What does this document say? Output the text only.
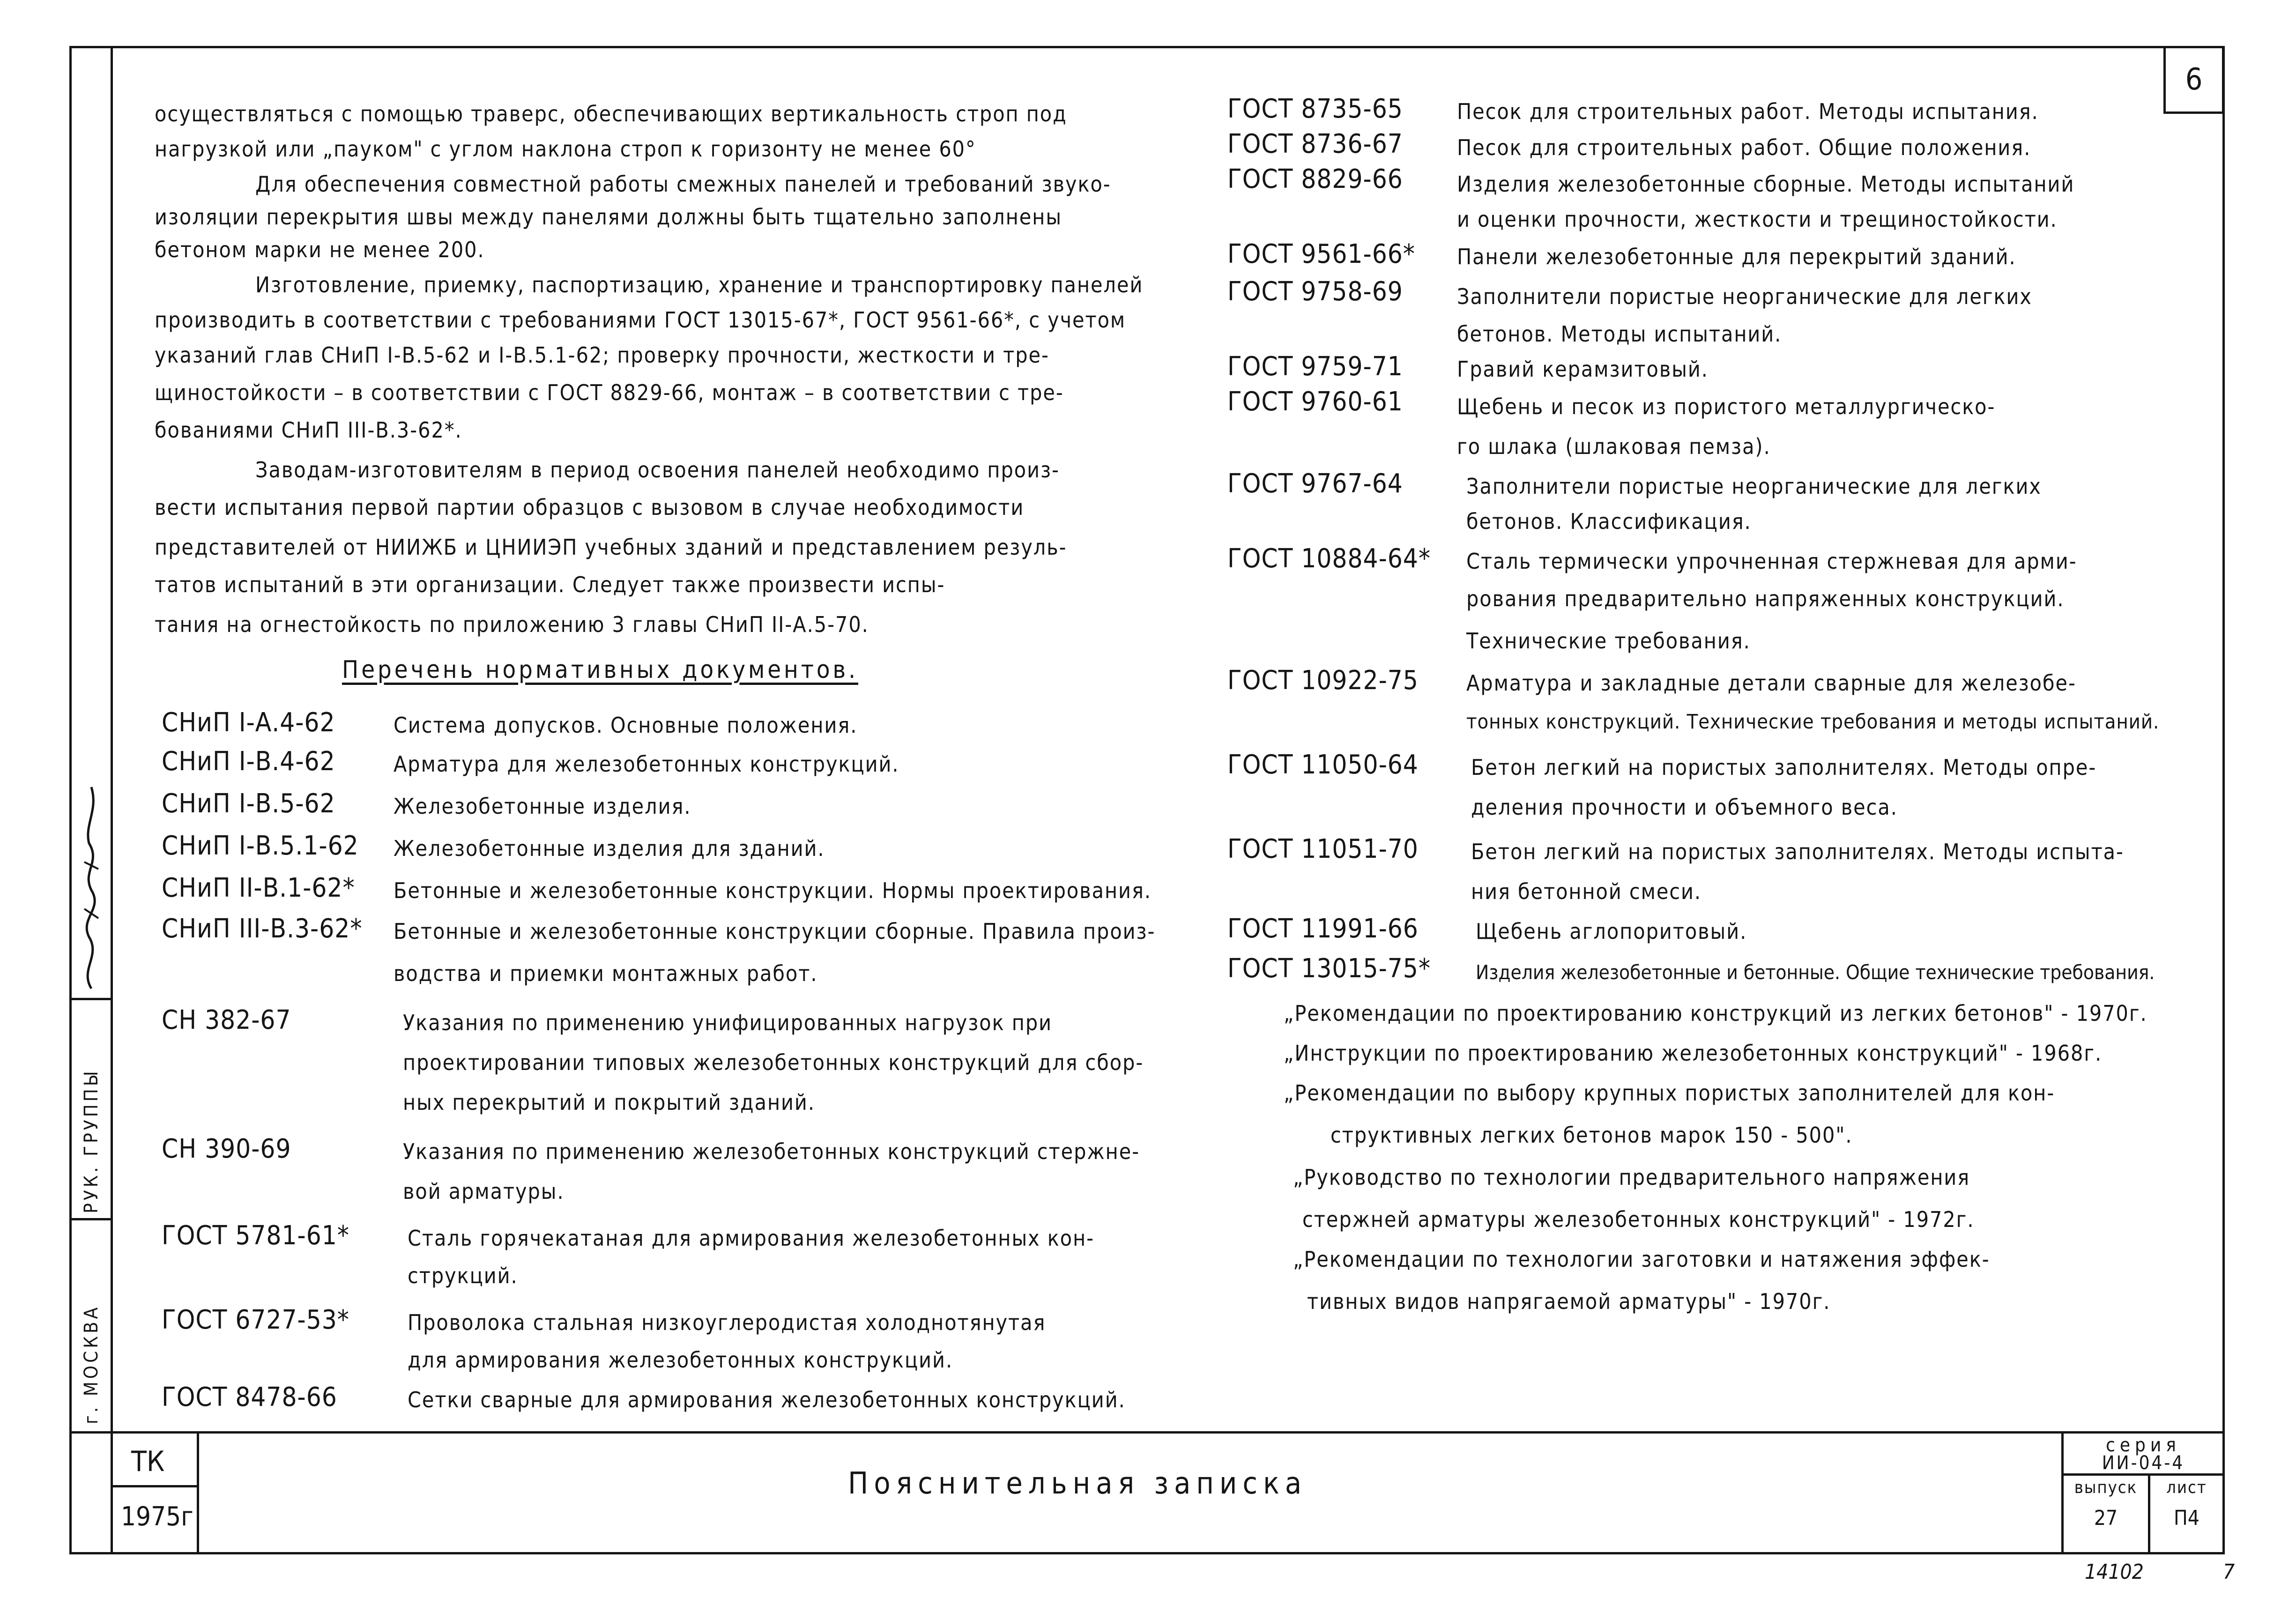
г. МОСКВА
РУК. ГРУППЫ
6
осуществляться с помощью траверс, обеспечивающих вертикальность строп под
нагрузкой или „пауком" с углом наклона строп к горизонту не менее 60°
Для обеспечения совместной работы смежных панелей и требований звуко-
изоляции перекрытия швы между панелями должны быть тщательно заполнены
бетоном марки не менее 200.
Изготовление, приемку, паспортизацию, хранение и транспортировку панелей
производить в соответствии с требованиями ГОСТ 13015-67*, ГОСТ 9561-66*, с учетом
указаний глав СНиП I-В.5-62 и I-В.5.1-62; проверку прочности, жесткости и тре-
щиностойкости – в соответствии с ГОСТ 8829-66, монтаж – в соответствии с тре-
бованиями СНиП III-В.3-62*.
Заводам-изготовителям в период освоения панелей необходимо произ-
вести испытания первой партии образцов с вызовом в случае необходимости
представителей от НИИЖБ и ЦНИИЭП учебных зданий и представлением резуль-
татов испытаний в эти организации. Следует также произвести испы-
тания на огнестойкость по приложению 3 главы СНиП II-А.5-70.
Перечень нормативных документов.
СНиП I-А.4-62	Система допусков. Основные положения.
СНиП I-В.4-62	Арматура для железобетонных конструкций.
СНиП I-В.5-62	Железобетонные изделия.
СНиП I-В.5.1-62 Железобетонные изделия для зданий.
СНиП II-В.1-62* Бетонные и железобетонные конструкции. Нормы проектирования.
СНиП III-В.3-62* Бетонные и железобетонные конструкции сборные. Правила произ-
водства и приемки монтажных работ.
СН 382-67	Указания по применению унифицированных нагрузок при
проектировании типовых железобетонных конструкций для сбор-
ных перекрытий и покрытий зданий.
СН 390-69	Указания по применению железобетонных конструкций стержне-
вой арматуры.
ГОСТ 5781-61*	Сталь горячекатаная для армирования железобетонных кон-
струкций.
ГОСТ 6727-53*	Проволока стальная низкоуглеродистая холоднотянутая
для армирования железобетонных конструкций.
ГОСТ 8478-66	Сетки сварные для армирования железобетонных конструкций.
ГОСТ 8735-65	Песок для строительных работ. Методы испытания.
ГОСТ 8736-67	Песок для строительных работ. Общие положения.
ГОСТ 8829-66	Изделия железобетонные сборные. Методы испытаний
и оценки прочности, жесткости и трещиностойкости.
ГОСТ 9561-66* Панели железобетонные для перекрытий зданий.
ГОСТ 9758-69	Заполнители пористые неорганические для легких
бетонов. Методы испытаний.
ГОСТ 9759-71	Гравий керамзитовый.
ГОСТ 9760-61	Щебень и песок из пористого металлургическо-
го шлака (шлаковая пемза).
ГОСТ 9767-64	Заполнители пористые неорганические для легких
бетонов. Классификация.
ГОСТ 10884-64* Сталь термически упрочненная стержневая для арми-
рования предварительно напряженных конструкций.
Технические требования.
ГОСТ 10922-75 Арматура и закладные детали сварные для железобе-
тонных конструкций. Технические требования и методы испытаний.
ГОСТ 11050-64 Бетон легкий на пористых заполнителях. Методы опре-
деления прочности и объемного веса.
ГОСТ 11051-70 Бетон легкий на пористых заполнителях. Методы испыта-
ния бетонной смеси.
ГОСТ 11991-66	Щебень аглопоритовый.
ГОСТ 13015-75* Изделия железобетонные и бетонные. Общие технические требования.
„Рекомендации по проектированию конструкций из легких бетонов" - 1970г.
„Инструкции по проектированию железобетонных конструкций" - 1968г.
„Рекомендации по выбору крупных пористых заполнителей для кон-
структивных легких бетонов марок 150 - 500".
„Руководство по технологии предварительного напряжения
стержней арматуры железобетонных конструкций" - 1972г.
„Рекомендации по технологии заготовки и натяжения эффек-
тивных видов напрягаемой арматуры" - 1970г.
ТК
1975г
Пояснительная записка
серия
ИИ-04-4
выпуск
27
лист
П4
14102	7
